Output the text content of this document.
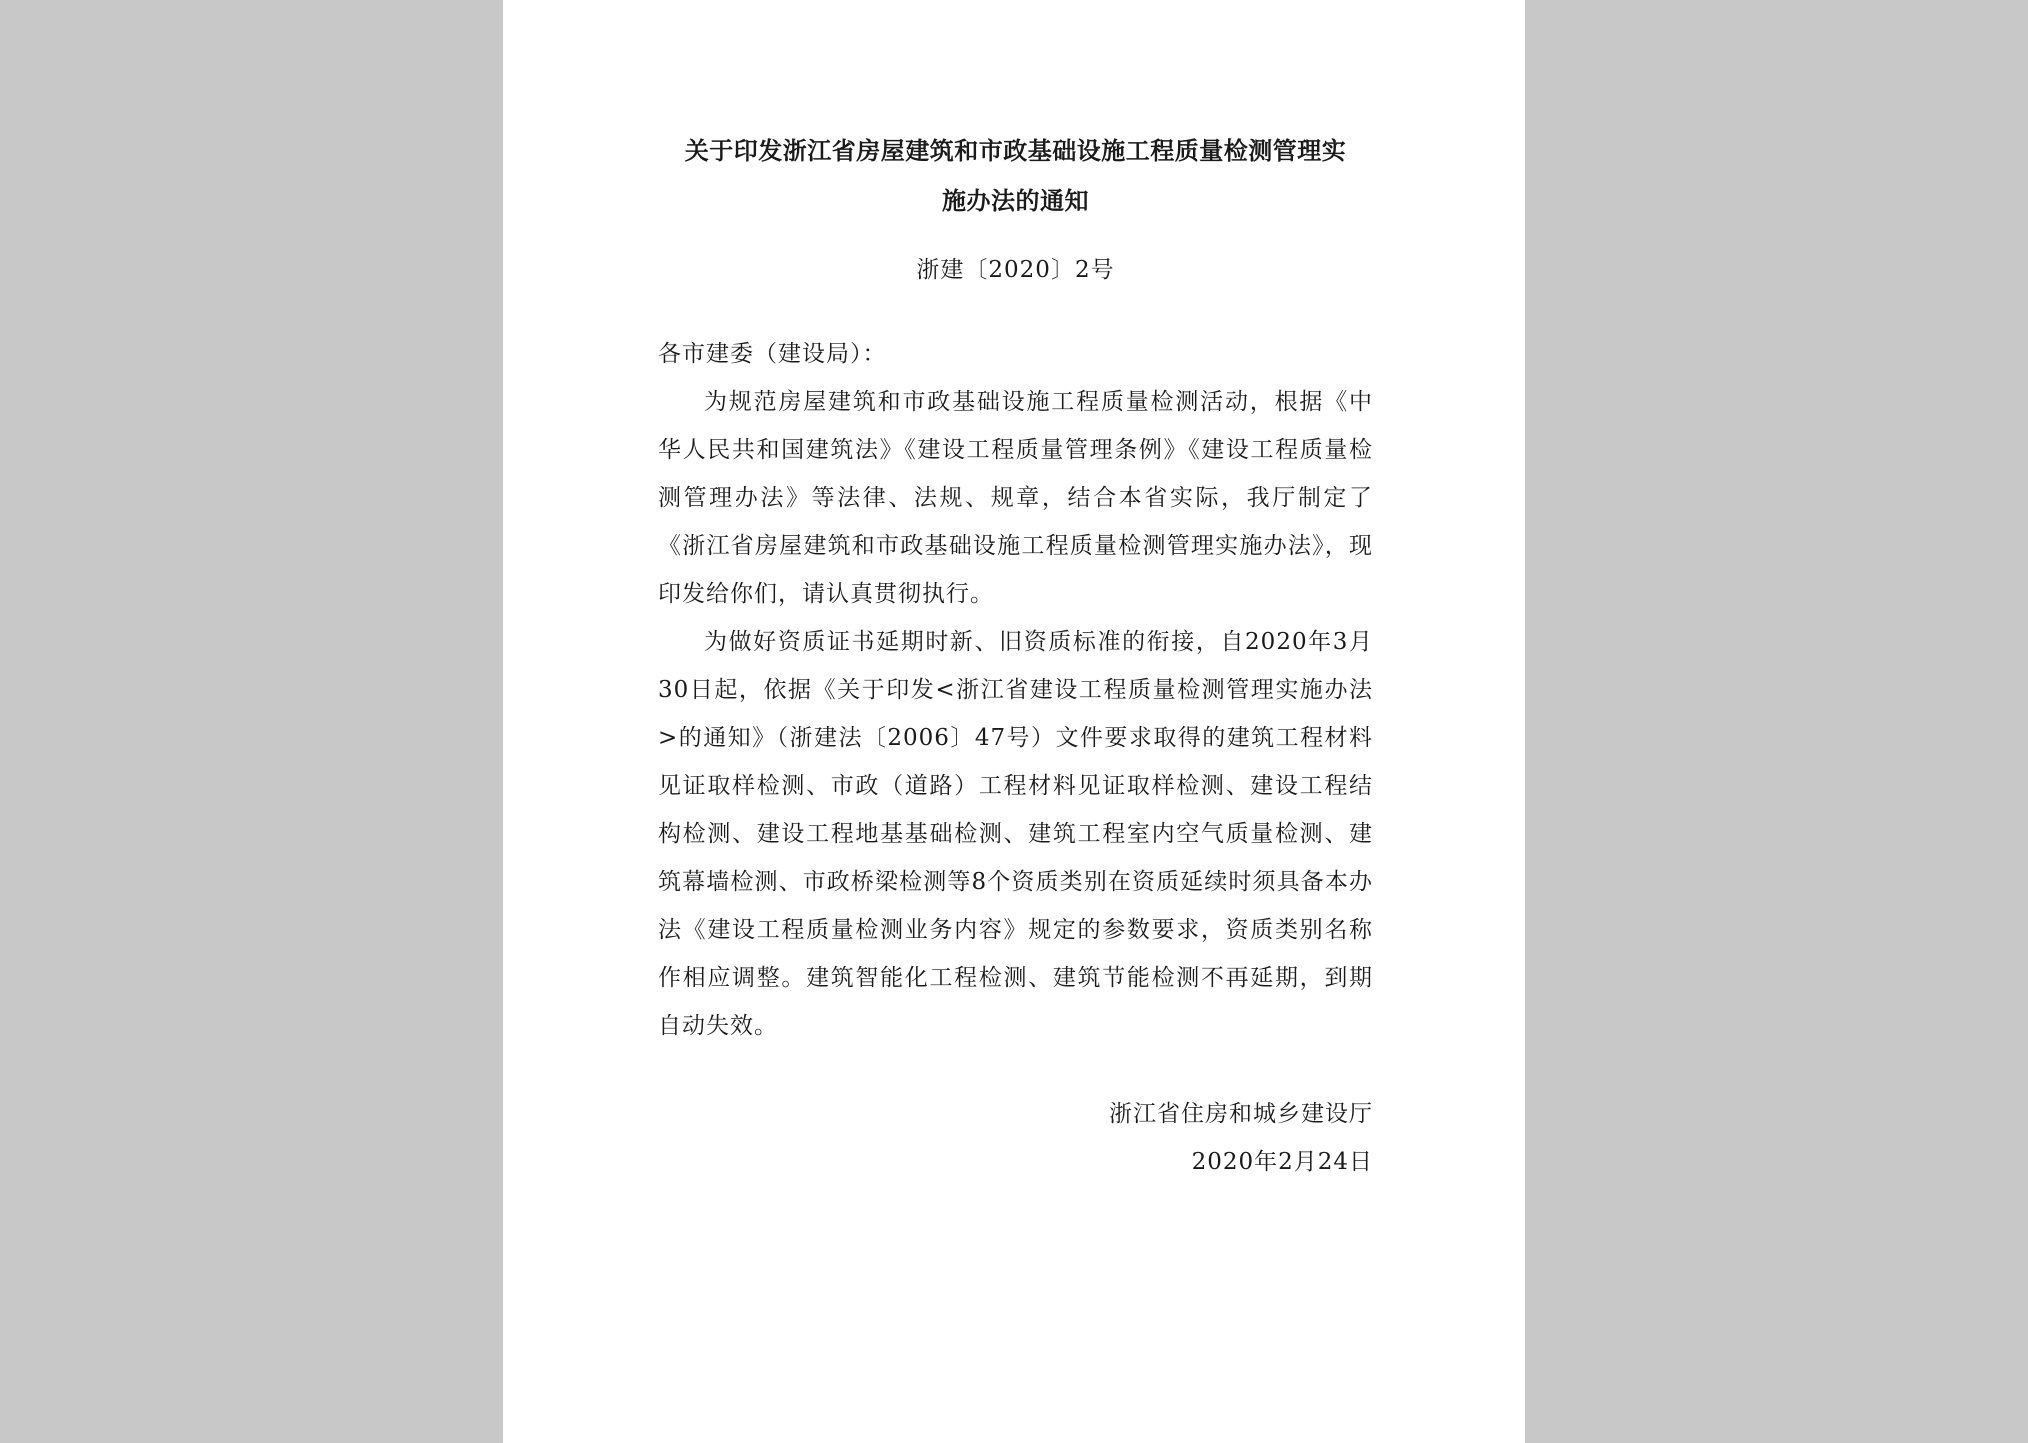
关于印发浙江省房屋建筑和市政基础设施工程质量检测管理实
施办法的通知
浙建〔2020〕2号
各市建委（建设局）：

为规范房屋建筑和市政基础设施工程质量检测活动，根据《中华人民共和国建筑法》《建设工程质量管理条例》《建设工程质量检测管理办法》等法律、法规、规章，结合本省实际，我厅制定了《浙江省房屋建筑和市政基础设施工程质量检测管理实施办法》，现印发给你们，请认真贯彻执行。

为做好资质证书延期时新、旧资质标准的衔接，自2020年3月30日起，依据《关于印发<浙江省建设工程质量检测管理实施办法>的通知》（浙建法〔2006〕47号）文件要求取得的建筑工程材料见证取样检测、市政（道路）工程材料见证取样检测、建设工程结构检测、建设工程地基基础检测、建筑工程室内空气质量检测、建筑幕墙检测、市政桥梁检测等8个资质类别在资质延续时须具备本办法《建设工程质量检测业务内容》规定的参数要求，资质类别名称作相应调整。建筑智能化工程检测、建筑节能检测不再延期，到期自动失效。

浙江省住房和城乡建设厅
2020年2月24日
